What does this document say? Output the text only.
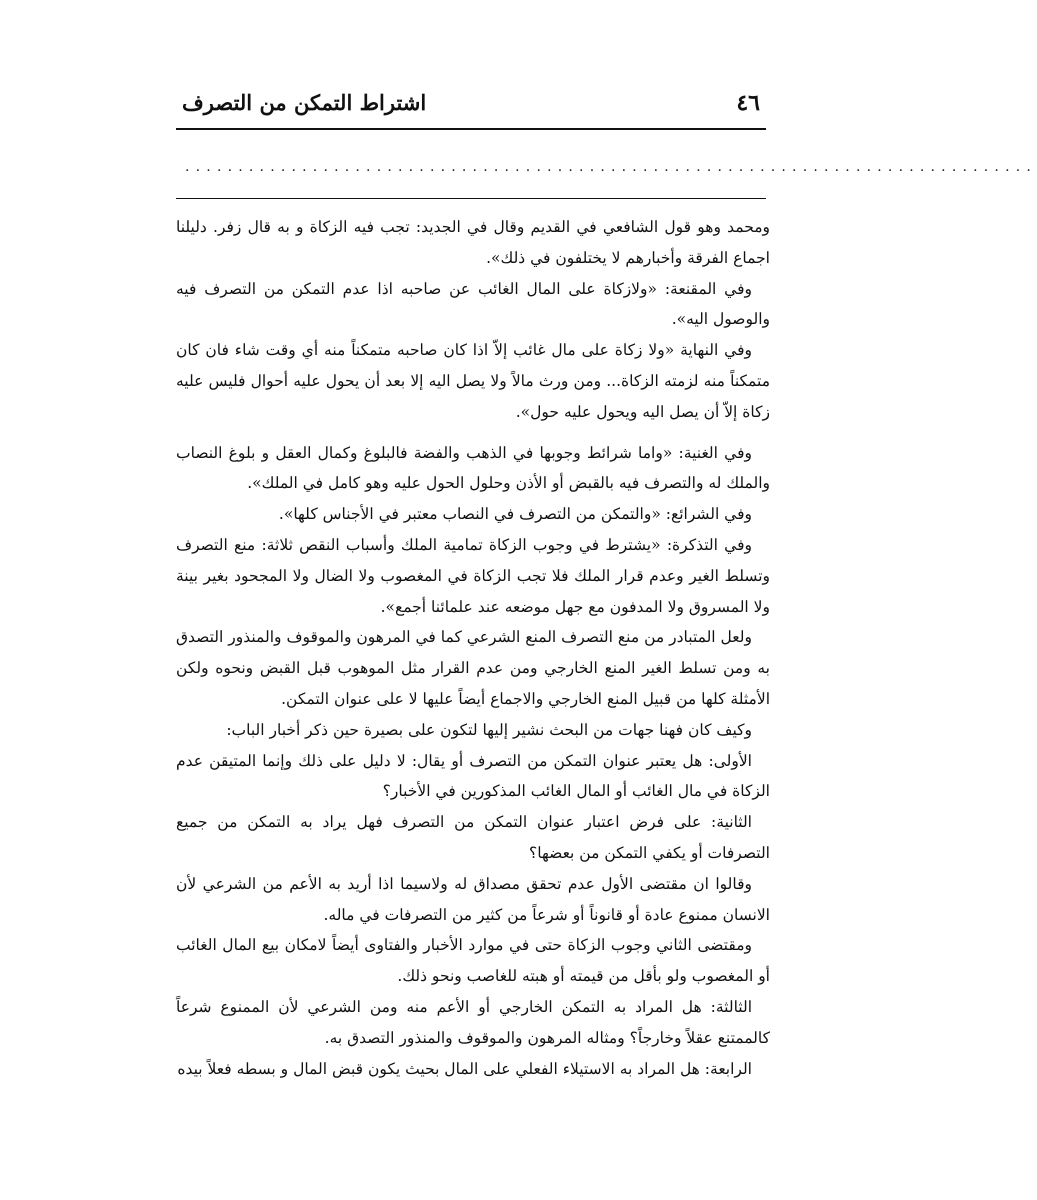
٤٦
اشتراط التمكن من التصرف
................................................................................

ومحمد وهو قول الشافعي في القديم وقال في الجديد: تجب فيه الزكاة و به قال زفر. دليلنا اجماع الفرقة وأخبارهم لا يختلفون في ذلك».

وفي المقنعة: «ولازكاة على المال الغائب عن صاحبه اذا عدم التمكن من التصرف فيه والوصول اليه».

وفي النهاية «ولا زكاة على مال غائب إلاّ اذا كان صاحبه متمكناً منه أي وقت شاء فان كان متمكناً منه لزمته الزكاة... ومن ورث مالاً ولا يصل اليه إلا بعد أن يحول عليه أحوال فليس عليه زكاة إلاّ أن يصل اليه ويحول عليه حول».

وفي الغنية: «واما شرائط وجوبها في الذهب والفضة فالبلوغ وكمال العقل و بلوغ النصاب والملك له والتصرف فيه بالقبض أو الأذن وحلول الحول عليه وهو كامل في الملك».

وفي الشرائع: «والتمكن من التصرف في النصاب معتبر في الأجناس كلها».

وفي التذكرة: «يشترط في وجوب الزكاة تمامية الملك وأسباب النقص ثلاثة: منع التصرف وتسلط الغير وعدم قرار الملك فلا تجب الزكاة في المغصوب ولا الضال ولا المجحود بغير بينة ولا المسروق ولا المدفون مع جهل موضعه عند علمائنا أجمع».

ولعل المتبادر من منع التصرف المنع الشرعي كما في المرهون والموقوف والمنذور التصدق به ومن تسلط الغير المنع الخارجي ومن عدم القرار مثل الموهوب قبل القبض ونحوه ولكن الأمثلة كلها من قبيل المنع الخارجي والاجماع أيضاً عليها لا على عنوان التمكن.

وكيف كان فهنا جهات من البحث نشير إليها لتكون على بصيرة حين ذكر أخبار الباب:

الأولى: هل يعتبر عنوان التمكن من التصرف أو يقال: لا دليل على ذلك وإنما المتيقن عدم الزكاة في مال الغائب أو المال الغائب المذكورين في الأخبار؟

الثانية: على فرض اعتبار عنوان التمكن من التصرف فهل يراد به التمكن من جميع التصرفات أو يكفي التمكن من بعضها؟

وقالوا ان مقتضى الأول عدم تحقق مصداق له ولاسيما اذا أريد به الأعم من الشرعي لأن الانسان ممنوع عادة أو قانوناً أو شرعاً من كثير من التصرفات في ماله.

ومقتضى الثاني وجوب الزكاة حتى في موارد الأخبار والفتاوى أيضاً لامكان بيع المال الغائب أو المغصوب ولو بأقل من قيمته أو هبته للغاصب ونحو ذلك.

الثالثة: هل المراد به التمكن الخارجي أو الأعم منه ومن الشرعي لأن الممنوع شرعاً كالممتنع عقلاً وخارجاً؟ ومثاله المرهون والموقوف والمنذور التصدق به.

الرابعة: هل المراد به الاستيلاء الفعلي على المال بحيث يكون قبض المال و بسطه فعلاً بيده
